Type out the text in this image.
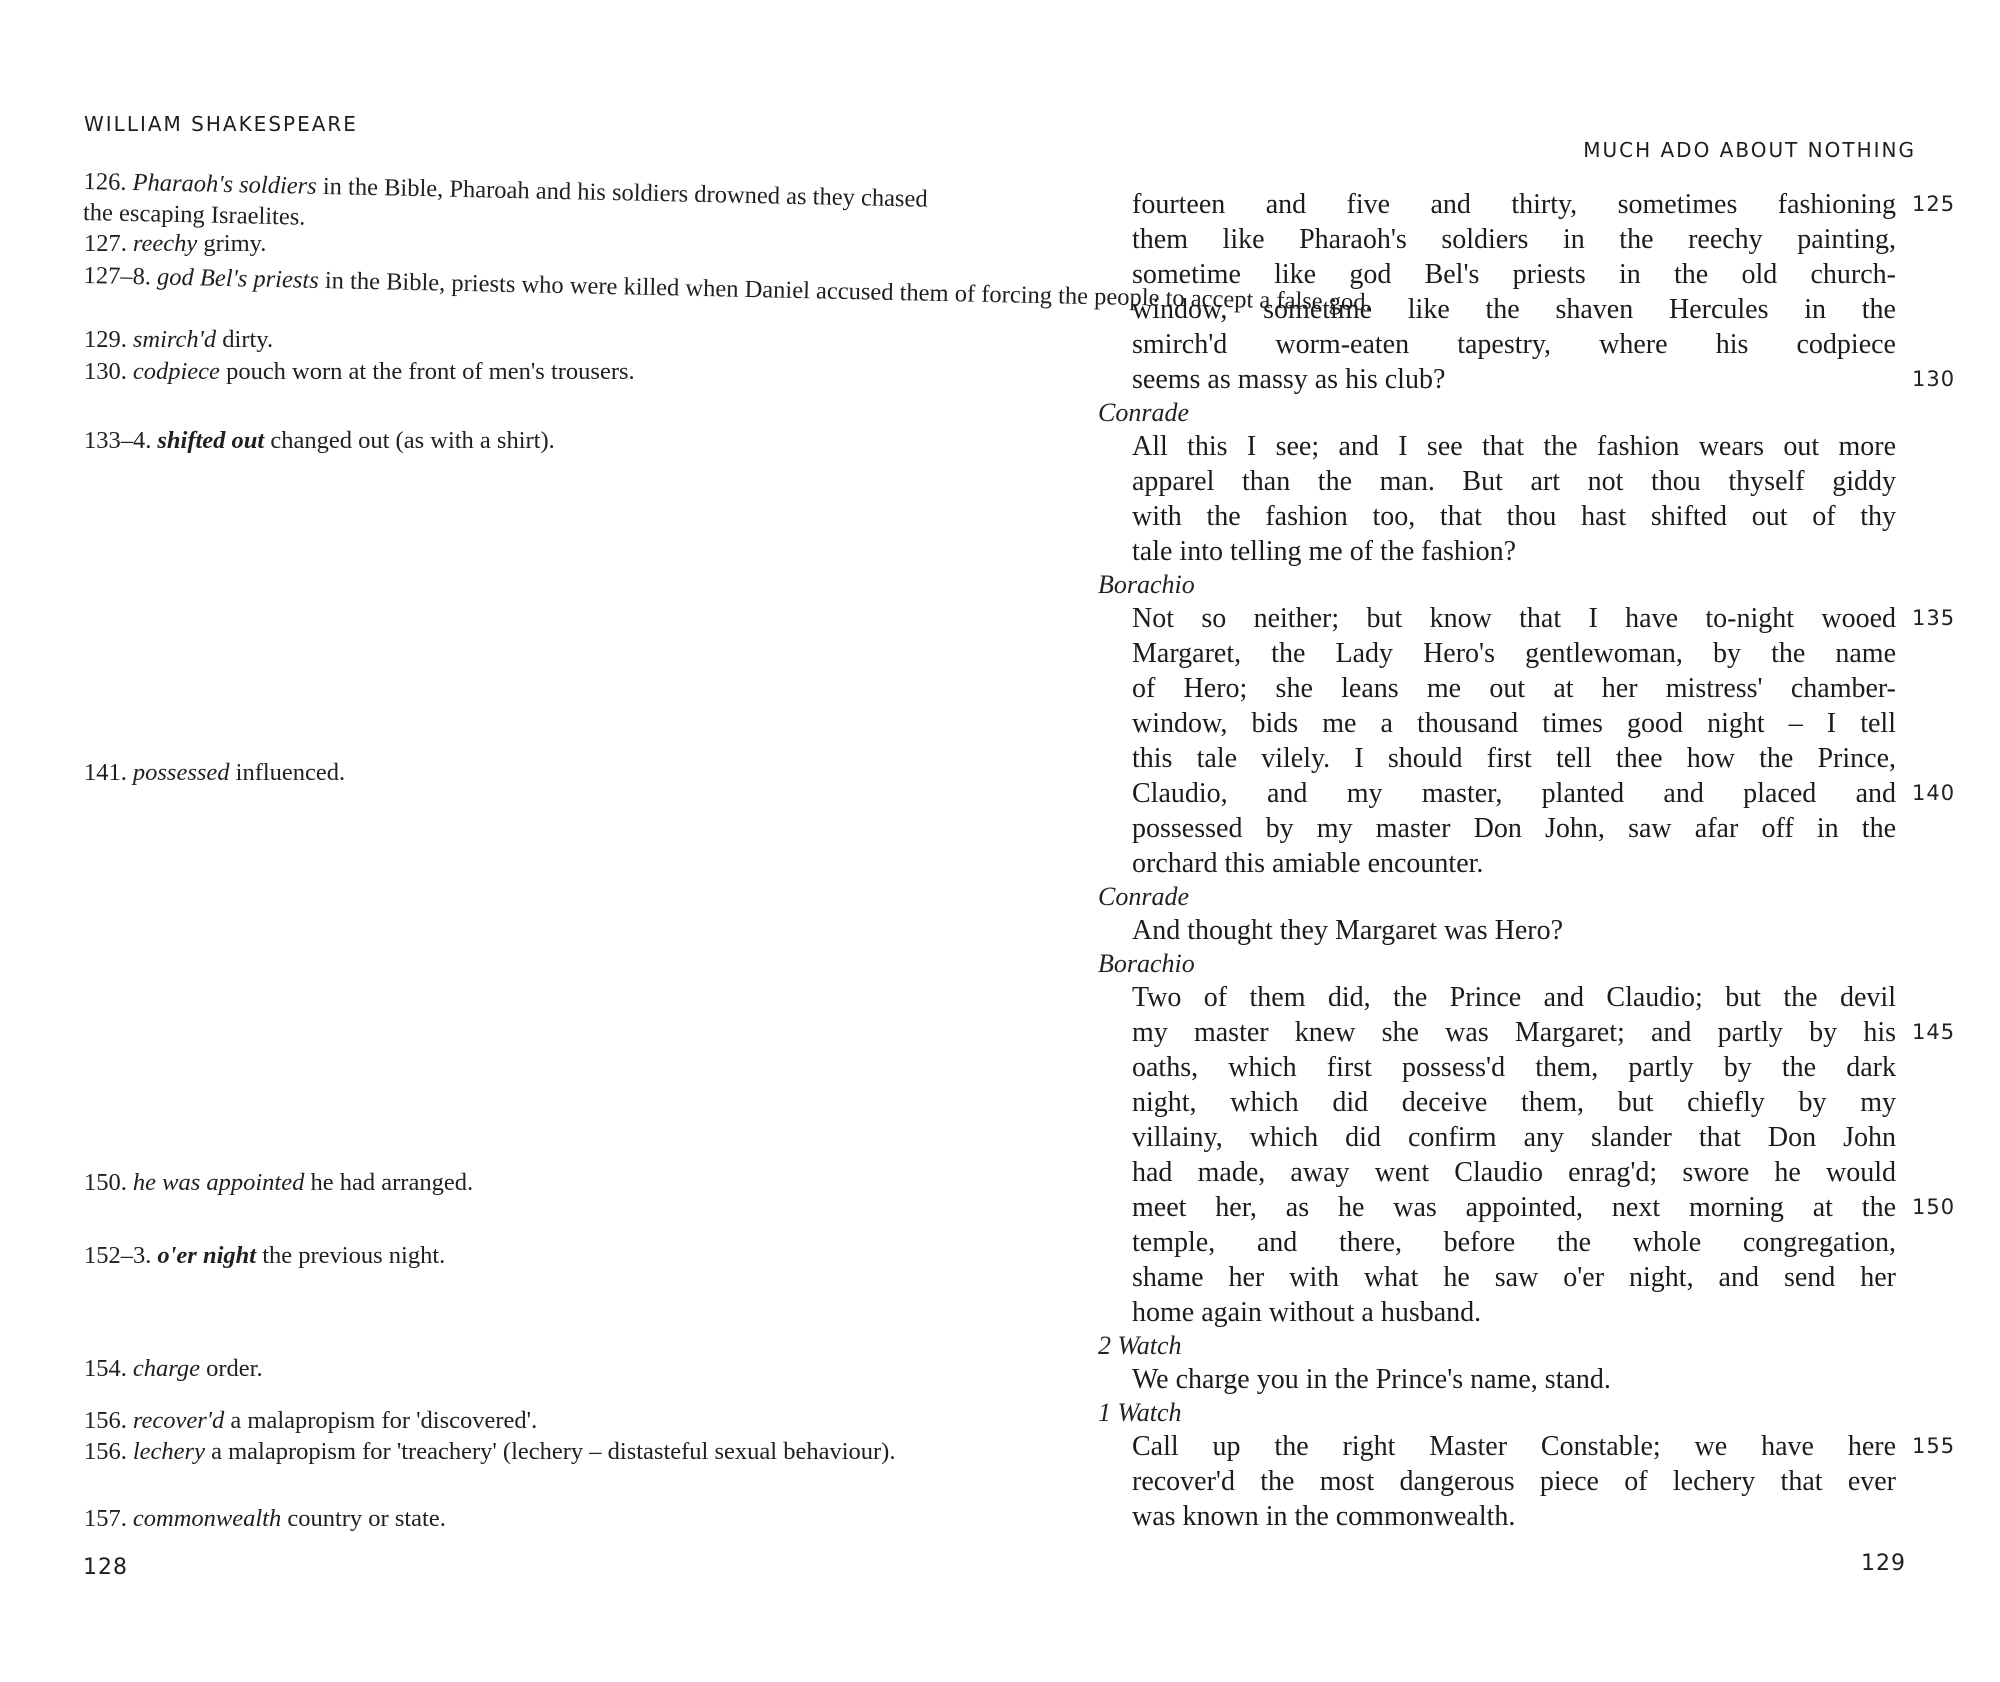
WILLIAM SHAKESPEARE
126. Pharaoh's soldiers in the Bible, Pharoah and his soldiers drowned as they chased the escaping Israelites.
127. reechy grimy.
127–8. god Bel's priests in the Bible, priests who were killed when Daniel accused them of forcing the people to accept a false god.
129. smirch'd dirty.
130. codpiece pouch worn at the front of men's trousers.
133–4. shifted out changed out (as with a shirt).
141. possessed influenced.
150. he was appointed he had arranged.
152–3. o'er night the previous night.
154. charge order.
156. recover'd a malapropism for 'discovered'.
156. lechery a malapropism for 'treachery' (lechery – distasteful sexual behaviour).
157. commonwealth country or state.
128
MUCH ADO ABOUT NOTHING
fourteen and five and thirty, sometimes fashioning 125
them like Pharaoh's soldiers in the reechy painting,
sometime like god Bel's priests in the old church-
window, sometime like the shaven Hercules in the
smirch'd worm-eaten tapestry, where his codpiece
seems as massy as his club?	130
Conrade
All this I see; and I see that the fashion wears out more
apparel than the man. But art not thou thyself giddy
with the fashion too, that thou hast shifted out of thy
tale into telling me of the fashion?
Borachio
Not so neither; but know that I have to-night wooed 135
Margaret, the Lady Hero's gentlewoman, by the name
of Hero; she leans me out at her mistress' chamber-
window, bids me a thousand times good night – I tell
this tale vilely. I should first tell thee how the Prince,
Claudio, and my master, planted and placed and 140
possessed by my master Don John, saw afar off in the
orchard this amiable encounter.
Conrade
And thought they Margaret was Hero?
Borachio
Two of them did, the Prince and Claudio; but the devil
my master knew she was Margaret; and partly by his 145
oaths, which first possess'd them, partly by the dark
night, which did deceive them, but chiefly by my
villainy, which did confirm any slander that Don John
had made, away went Claudio enrag'd; swore he would
meet her, as he was appointed, next morning at the 150
temple, and there, before the whole congregation,
shame her with what he saw o'er night, and send her
home again without a husband.
2 Watch
We charge you in the Prince's name, stand.
1 Watch
Call up the right Master Constable; we have here 155
recover'd the most dangerous piece of lechery that ever
was known in the commonwealth.
129
